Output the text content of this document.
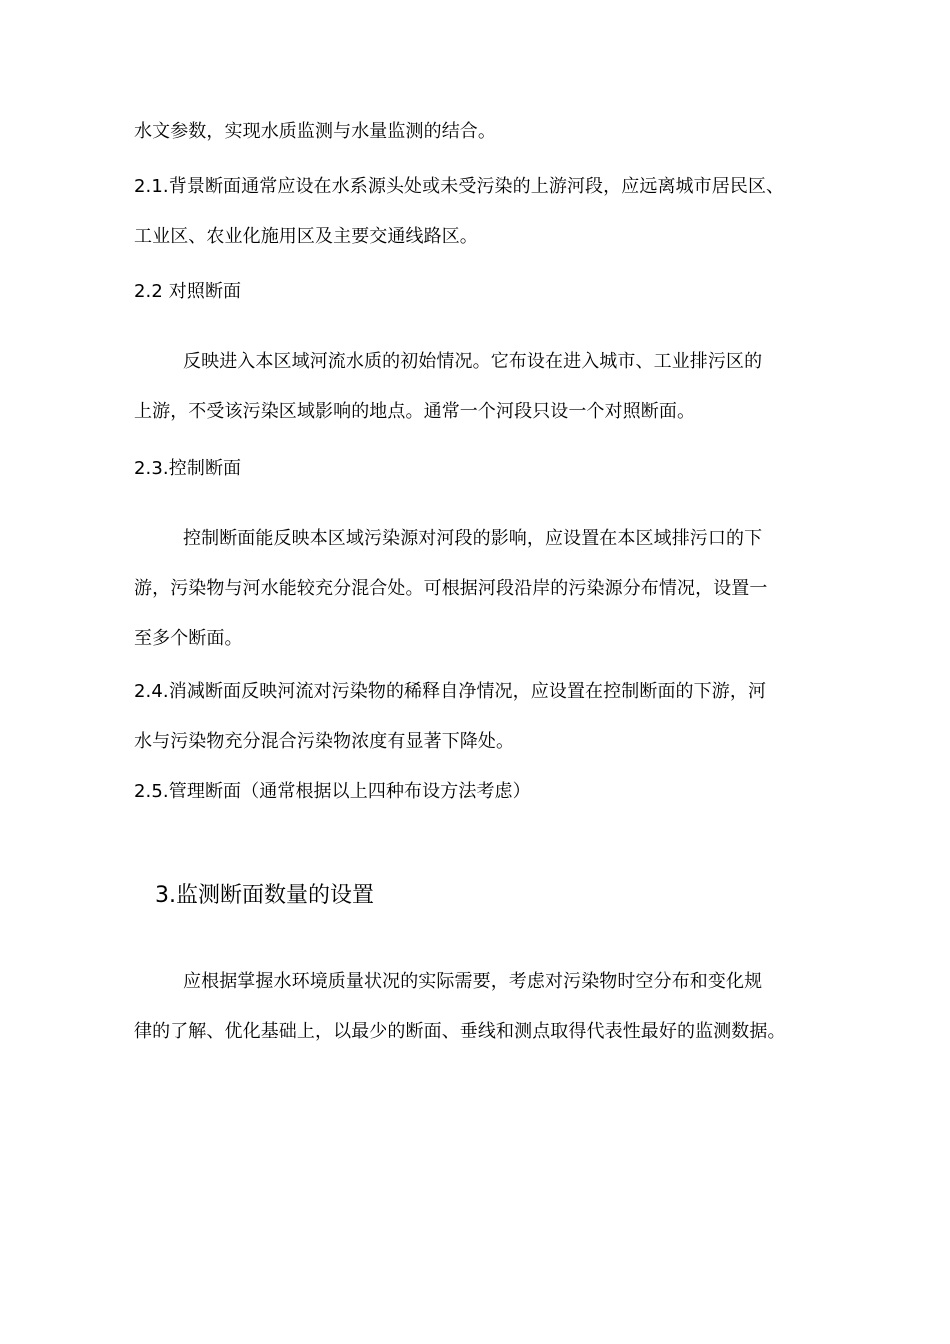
水文参数，实现水质监测与水量监测的结合。
2.1.背景断面通常应设在水系源头处或未受污染的上游河段，应远离城市居民区、
工业区、农业化施用区及主要交通线路区。
2.2 对照断面
反映进入本区域河流水质的初始情况。它布设在进入城市、工业排污区的
上游，不受该污染区域影响的地点。通常一个河段只设一个对照断面。
2.3.控制断面
控制断面能反映本区域污染源对河段的影响，应设置在本区域排污口的下
游，污染物与河水能较充分混合处。可根据河段沿岸的污染源分布情况，设置一
至多个断面。
2.4.消减断面反映河流对污染物的稀释自净情况，应设置在控制断面的下游，河
水与污染物充分混合污染物浓度有显著下降处。
2.5.管理断面（通常根据以上四种布设方法考虑）
3.监测断面数量的设置
应根据掌握水环境质量状况的实际需要，考虑对污染物时空分布和变化规
律的了解、优化基础上，以最少的断面、垂线和测点取得代表性最好的监测数据。
